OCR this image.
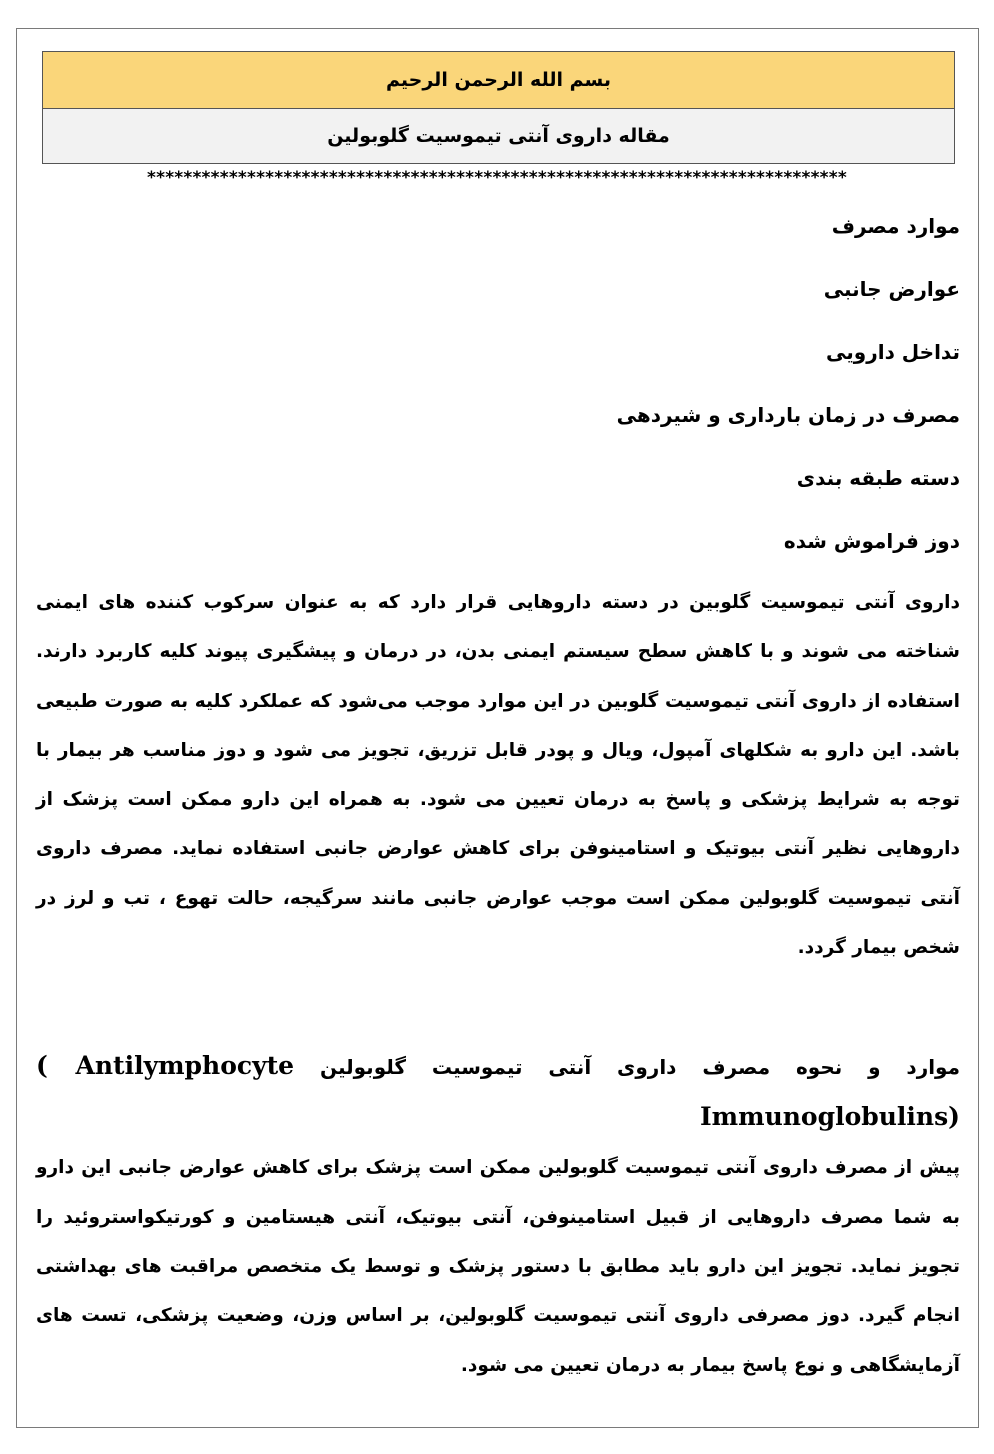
بسم الله الرحمن الرحیم
مقاله داروی آنتی تیموسیت گلوبولین
*****************************************************************************
موارد مصرف
عوارض جانبی
تداخل دارویی
مصرف در زمان بارداری و شیردهی
دسته طبقه بندی
دوز فراموش شده

داروی آنتی تیموسیت گلوبین در دسته داروهایی قرار دارد که به عنوان سرکوب کننده های ایمنی شناخته می شوند و با کاهش سطح سیستم ایمنی بدن، در درمان و پیشگیری پیوند کلیه کاربرد دارند. استفاده از داروی آنتی تیموسیت گلوبین در این موارد موجب می‌شود که عملکرد کلیه به صورت طبیعی باشد. این دارو به شکلهای آمپول، ویال و پودر قابل تزریق، تجویز می شود و دوز مناسب هر بیمار با توجه به شرایط پزشکی و پاسخ به درمان تعیین می شود. به همراه این دارو ممکن است پزشک از داروهایی نظیر آنتی بیوتیک و استامینوفن برای کاهش عوارض جانبی استفاده نماید. مصرف داروی آنتی تیموسیت گلوبولین ممکن است موجب عوارض جانبی مانند سرگیجه، حالت تهوع ، تب و لرز در شخص بیمار گردد.

موارد و نحوه مصرف داروی آنتی تیموسیت گلوبولین ( Antilymphocyte Immunoglobulins)

پیش از مصرف داروی آنتی تیموسیت گلوبولین ممکن است پزشک برای کاهش عوارض جانبی این دارو به شما مصرف داروهایی از قبیل استامینوفن، آنتی بیوتیک، آنتی هیستامین و کورتیکواستروئید را تجویز نماید. تجویز این دارو باید مطابق با دستور پزشک و توسط یک متخصص مراقبت های بهداشتی انجام گیرد. دوز مصرفی داروی آنتی تیموسیت گلوبولین، بر اساس وزن، وضعیت پزشکی، تست های آزمایشگاهی و نوع پاسخ بیمار به درمان تعیین می شود.
